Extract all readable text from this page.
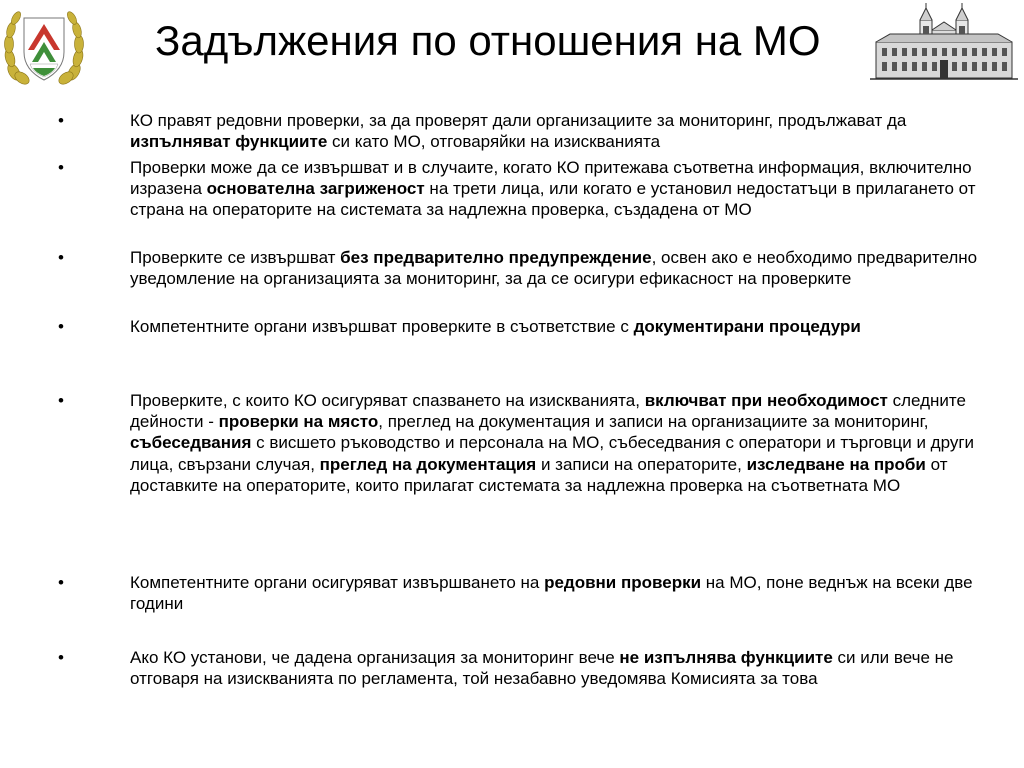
Задължения по отношения на МО
•	КО правят редовни проверки, за да проверят дали организациите за мониторинг, продължават да изпълняват функциите си като МО, отговаряйки на изискванията
•	Проверки може да се извършват и в случаите, когато КО притежава съответна информация, включително изразена основателна загриженост на трети лица, или когато е установил недостатъци в прилагането от страна на операторите на системата за надлежна проверка, създадена от МО
•	Проверките се извършват без предварително предупреждение, освен ако е необходимо предварително уведомление на организацията за мониторинг, за да се осигури ефикасност на проверките
•	Компетентните органи извършват проверките в съответствие с документирани процедури
•	Проверките, с които КО осигуряват спазването на изискванията, включват при необходимост следните дейности - проверки на място, преглед на документация и записи на организациите за мониторинг, събеседвания с висшето ръководство и персонала на МО, събеседвания с оператори и търговци и други лица, свързани случая, преглед на документация и записи на операторите, изследване на проби от доставките на операторите, които прилагат системата за надлежна проверка на съответната МО
•	Компетентните органи осигуряват извършването на редовни проверки на МО, поне веднъж на всеки две години
•	Ако КО установи, че дадена организация за мониторинг вече не изпълнява функциите си или вече не отговаря на изискванията по регламента, той незабавно уведомява Комисията за това
